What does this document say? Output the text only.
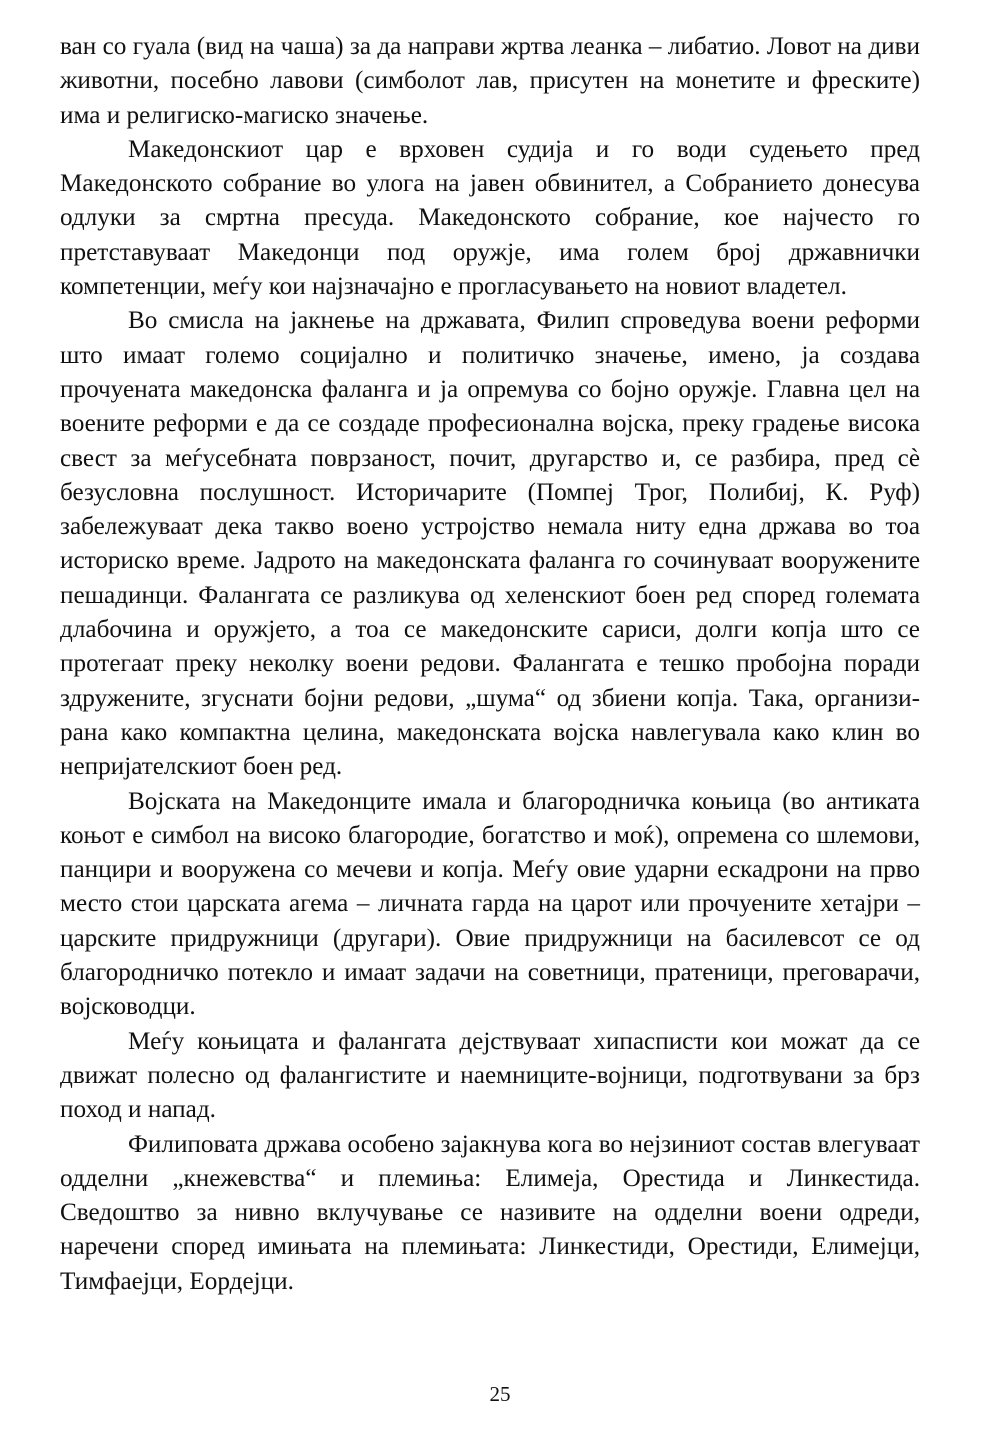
ван со гуала (вид на чаша) за да направи жртва леанка – либатио. Ловот на диви животни, посебно лавови (симболот лав, присутен на монетите и фреските) има и религиско-магиско значење.

Македонскиот цар е врховен судија и го води судењето пред Македонското собрание во улога на јавен обвинител, а Собранието донесува одлуки за смртна пресуда. Македонското собрание, кое најчесто го претставуваат Македонци под оружје, има голем број државнички компетенции, меѓу кои најзначајно е прогласувањето на новиот владетел.

Во смисла на јакнење на државата, Филип спроведува воени реформи што имаат големо социјално и политичко значење, имено, ја создава прочуената македонска фаланга и ја опремува со бојно оружје. Главна цел на воените реформи е да се создаде професионална војска, преку градење висока свест за меѓусебната поврзаност, почит, другарство и, се разбира, пред сè безусловна послушност. Историчарите (Помпеј Трог, Полибиј, К. Руф) забележуваат дека такво воено устројство немала ниту една држава во тоа историско време. Јадрото на македонската фаланга го сочинуваат вооружените пешадинци. Фалангата се разликува од хеленскиот боен ред според големата длабочина и оружјето, а тоа се македонските сариси, долги копја што се протегаат преку неколку воени редови. Фалангата е тешко пробојна поради здружените, згуснати бојни редови, „шума“ од збиени копја. Така, организирана како компактна целина, македонската војска навлегувала како клин во непријателскиот боен ред.

Војската на Македонците имала и благородничка коњица (во антиката коњот е симбол на високо благородие, богатство и моќ), опремена со шлемови, панцири и вооружена со мечеви и копја. Меѓу овие ударни ескадрони на прво место стои царската агема – личната гарда на царот или прочуените хетајри – царските придружници (другари). Овие придружници на басилевсот се од благородничко потекло и имаат задачи на советници, пратеници, преговарачи, војсководци.

Меѓу коњицата и фалангата дејствуваат хипасписти кои можат да се движат полесно од фалангистите и наемниците-војници, подготвувани за брз поход и напад.

Филиповата држава особено зајакнува кога во нејзиниот состав влегуваат одделни „кнежевства“ и племиња: Елимеја, Орестида и Линкестида. Сведоштво за нивно вклучување се називите на одделни воени одреди, наречени според имињата на племињата: Линкестиди, Орестиди, Елимејци, Тимфаејци, Еордејци.

25
